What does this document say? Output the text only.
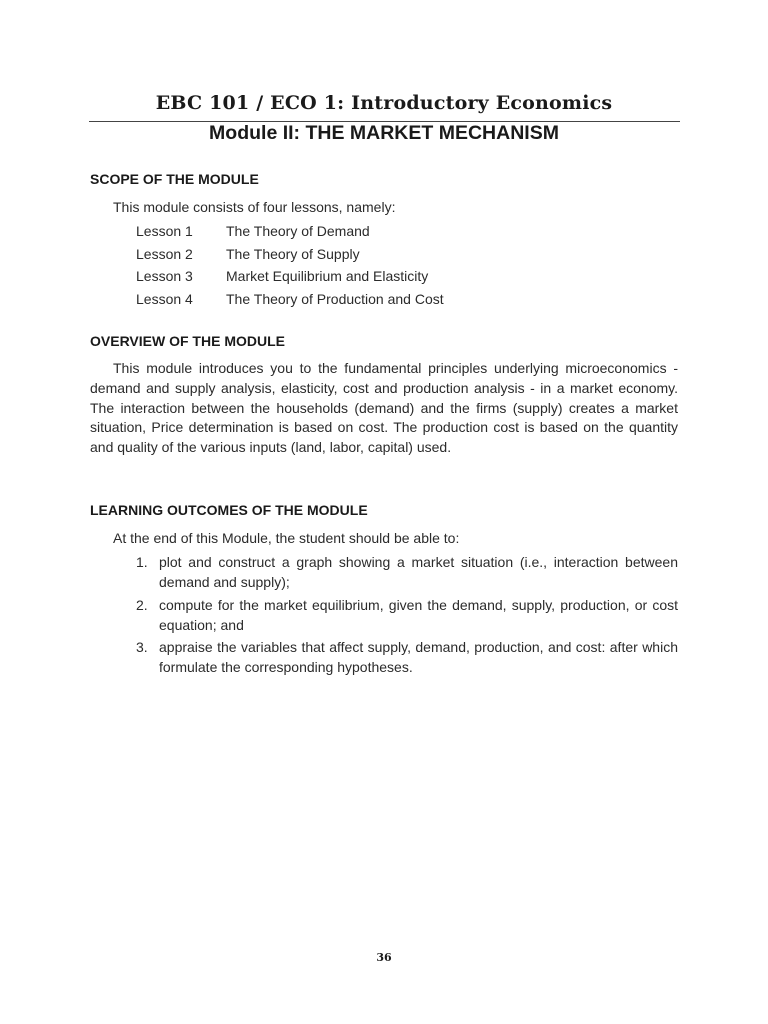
EBC 101 / ECO 1: Introductory Economics
Module II: THE MARKET MECHANISM
SCOPE OF THE MODULE
This module consists of four lessons, namely:
Lesson 1 The Theory of Demand
Lesson 2 The Theory of Supply
Lesson 3 Market Equilibrium and Elasticity
Lesson 4 The Theory of Production and Cost
OVERVIEW OF THE MODULE
This module introduces you to the fundamental principles underlying microeconomics - demand and supply analysis, elasticity, cost and production analysis - in a market economy. The interaction between the households (demand) and the firms (supply) creates a market situation, Price determination is based on cost. The production cost is based on the quantity and quality of the various inputs (land, labor, capital) used.
LEARNING OUTCOMES OF THE MODULE
At the end of this Module, the student should be able to:
1. plot and construct a graph showing a market situation (i.e., interaction between demand and supply);
2. compute for the market equilibrium, given the demand, supply, production, or cost equation; and
3. appraise the variables that affect supply, demand, production, and cost: after which formulate the corresponding hypotheses.
36
